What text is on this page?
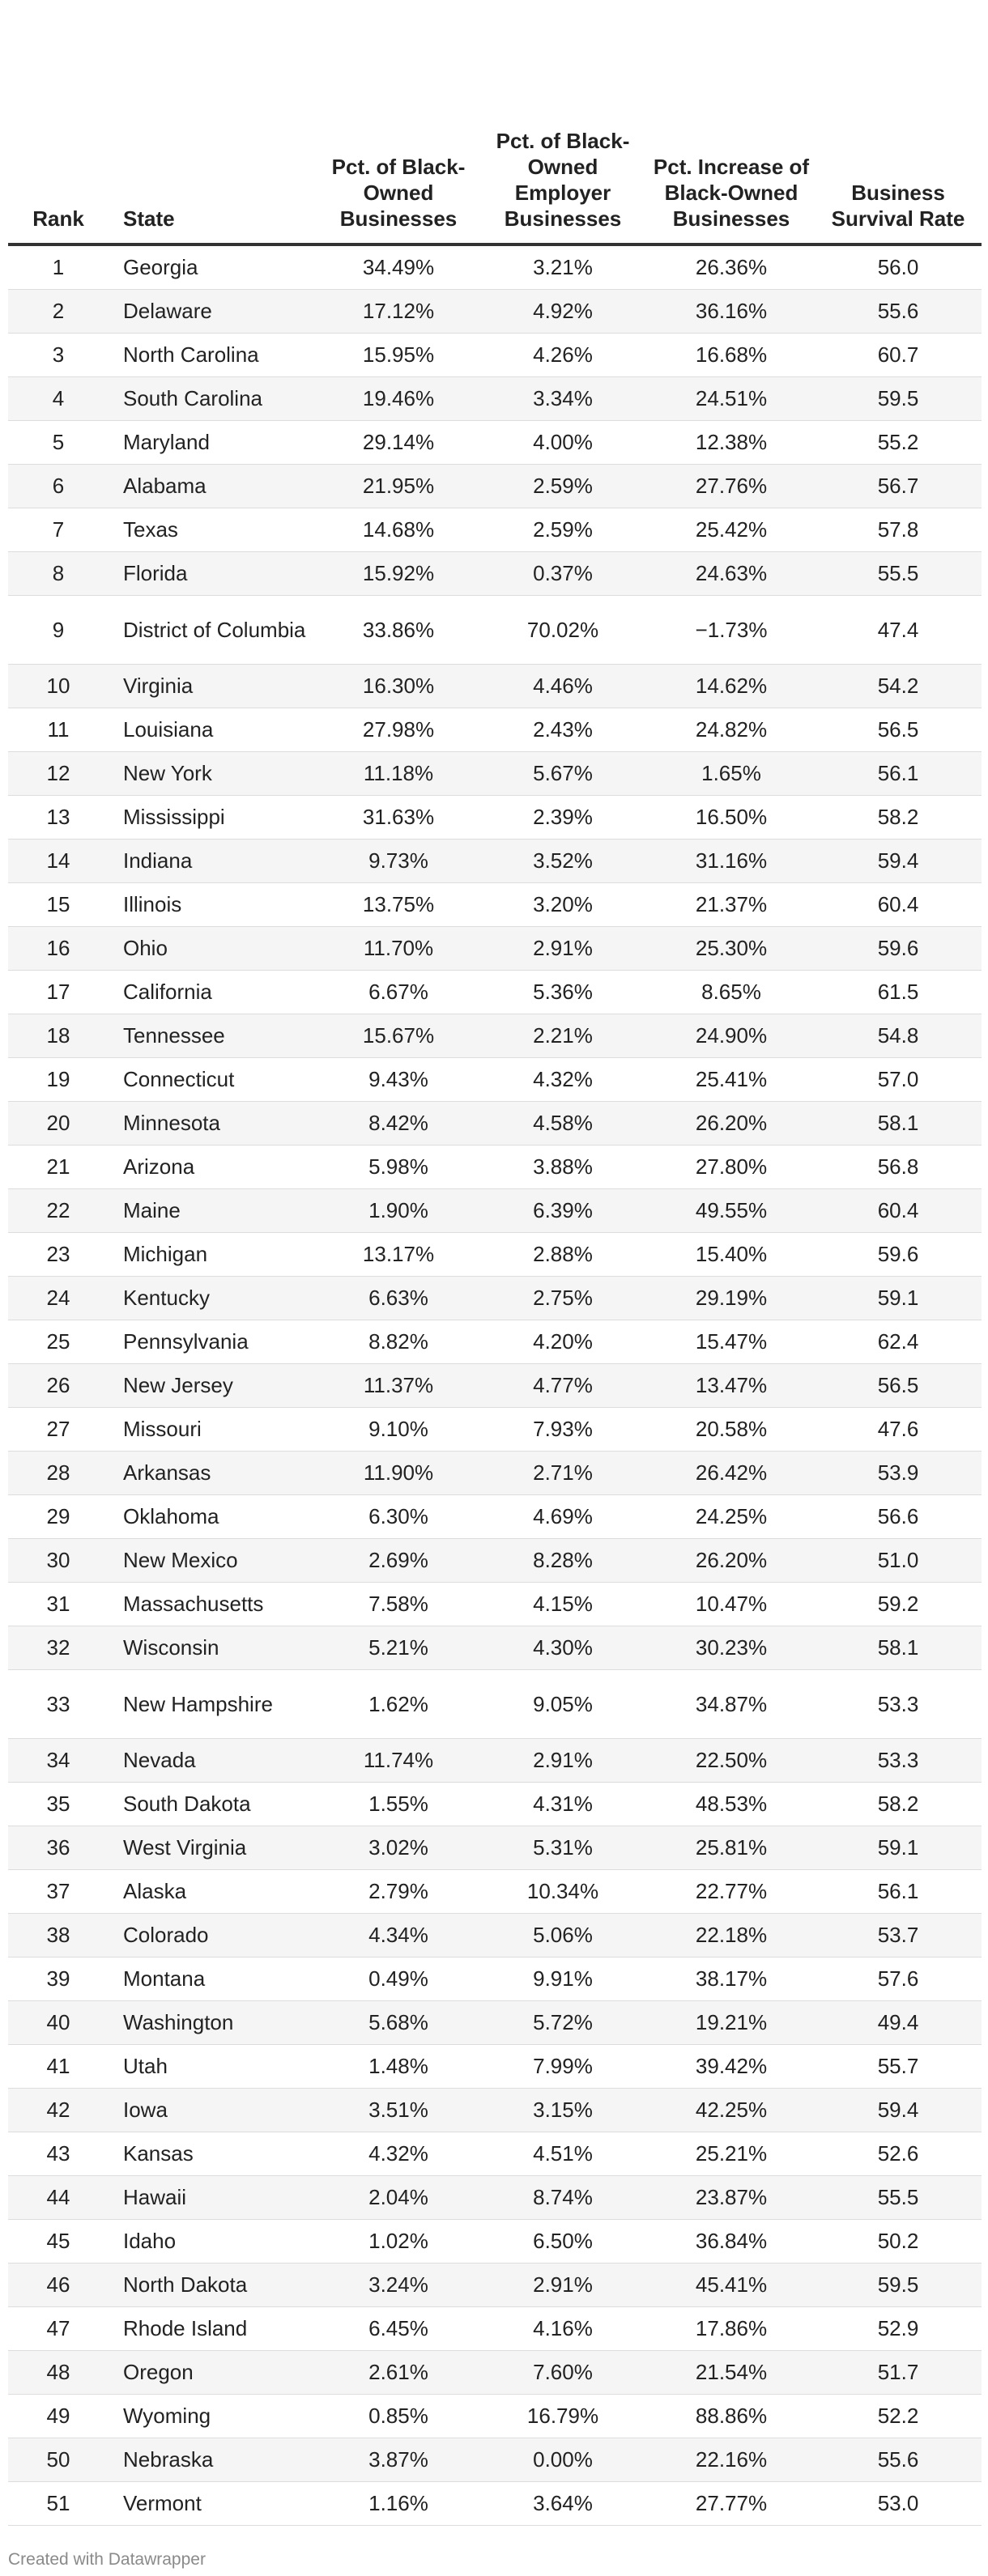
Rank	State	Pct. of Black-Owned Businesses	Pct. of Black-Owned Employer Businesses	Pct. Increase of Black-Owned Businesses	Business Survival Rate
1	Georgia	34.49%	3.21%	26.36%	56.0
2	Delaware	17.12%	4.92%	36.16%	55.6
3	North Carolina	15.95%	4.26%	16.68%	60.7
4	South Carolina	19.46%	3.34%	24.51%	59.5
5	Maryland	29.14%	4.00%	12.38%	55.2
6	Alabama	21.95%	2.59%	27.76%	56.7
7	Texas	14.68%	2.59%	25.42%	57.8
8	Florida	15.92%	0.37%	24.63%	55.5
9	District of Columbia	33.86%	70.02%	−1.73%	47.4
10	Virginia	16.30%	4.46%	14.62%	54.2
11	Louisiana	27.98%	2.43%	24.82%	56.5
12	New York	11.18%	5.67%	1.65%	56.1
13	Mississippi	31.63%	2.39%	16.50%	58.2
14	Indiana	9.73%	3.52%	31.16%	59.4
15	Illinois	13.75%	3.20%	21.37%	60.4
16	Ohio	11.70%	2.91%	25.30%	59.6
17	California	6.67%	5.36%	8.65%	61.5
18	Tennessee	15.67%	2.21%	24.90%	54.8
19	Connecticut	9.43%	4.32%	25.41%	57.0
20	Minnesota	8.42%	4.58%	26.20%	58.1
21	Arizona	5.98%	3.88%	27.80%	56.8
22	Maine	1.90%	6.39%	49.55%	60.4
23	Michigan	13.17%	2.88%	15.40%	59.6
24	Kentucky	6.63%	2.75%	29.19%	59.1
25	Pennsylvania	8.82%	4.20%	15.47%	62.4
26	New Jersey	11.37%	4.77%	13.47%	56.5
27	Missouri	9.10%	7.93%	20.58%	47.6
28	Arkansas	11.90%	2.71%	26.42%	53.9
29	Oklahoma	6.30%	4.69%	24.25%	56.6
30	New Mexico	2.69%	8.28%	26.20%	51.0
31	Massachusetts	7.58%	4.15%	10.47%	59.2
32	Wisconsin	5.21%	4.30%	30.23%	58.1
33	New Hampshire	1.62%	9.05%	34.87%	53.3
34	Nevada	11.74%	2.91%	22.50%	53.3
35	South Dakota	1.55%	4.31%	48.53%	58.2
36	West Virginia	3.02%	5.31%	25.81%	59.1
37	Alaska	2.79%	10.34%	22.77%	56.1
38	Colorado	4.34%	5.06%	22.18%	53.7
39	Montana	0.49%	9.91%	38.17%	57.6
40	Washington	5.68%	5.72%	19.21%	49.4
41	Utah	1.48%	7.99%	39.42%	55.7
42	Iowa	3.51%	3.15%	42.25%	59.4
43	Kansas	4.32%	4.51%	25.21%	52.6
44	Hawaii	2.04%	8.74%	23.87%	55.5
45	Idaho	1.02%	6.50%	36.84%	50.2
46	North Dakota	3.24%	2.91%	45.41%	59.5
47	Rhode Island	6.45%	4.16%	17.86%	52.9
48	Oregon	2.61%	7.60%	21.54%	51.7
49	Wyoming	0.85%	16.79%	88.86%	52.2
50	Nebraska	3.87%	0.00%	22.16%	55.6
51	Vermont	1.16%	3.64%	27.77%	53.0
Created with Datawrapper
